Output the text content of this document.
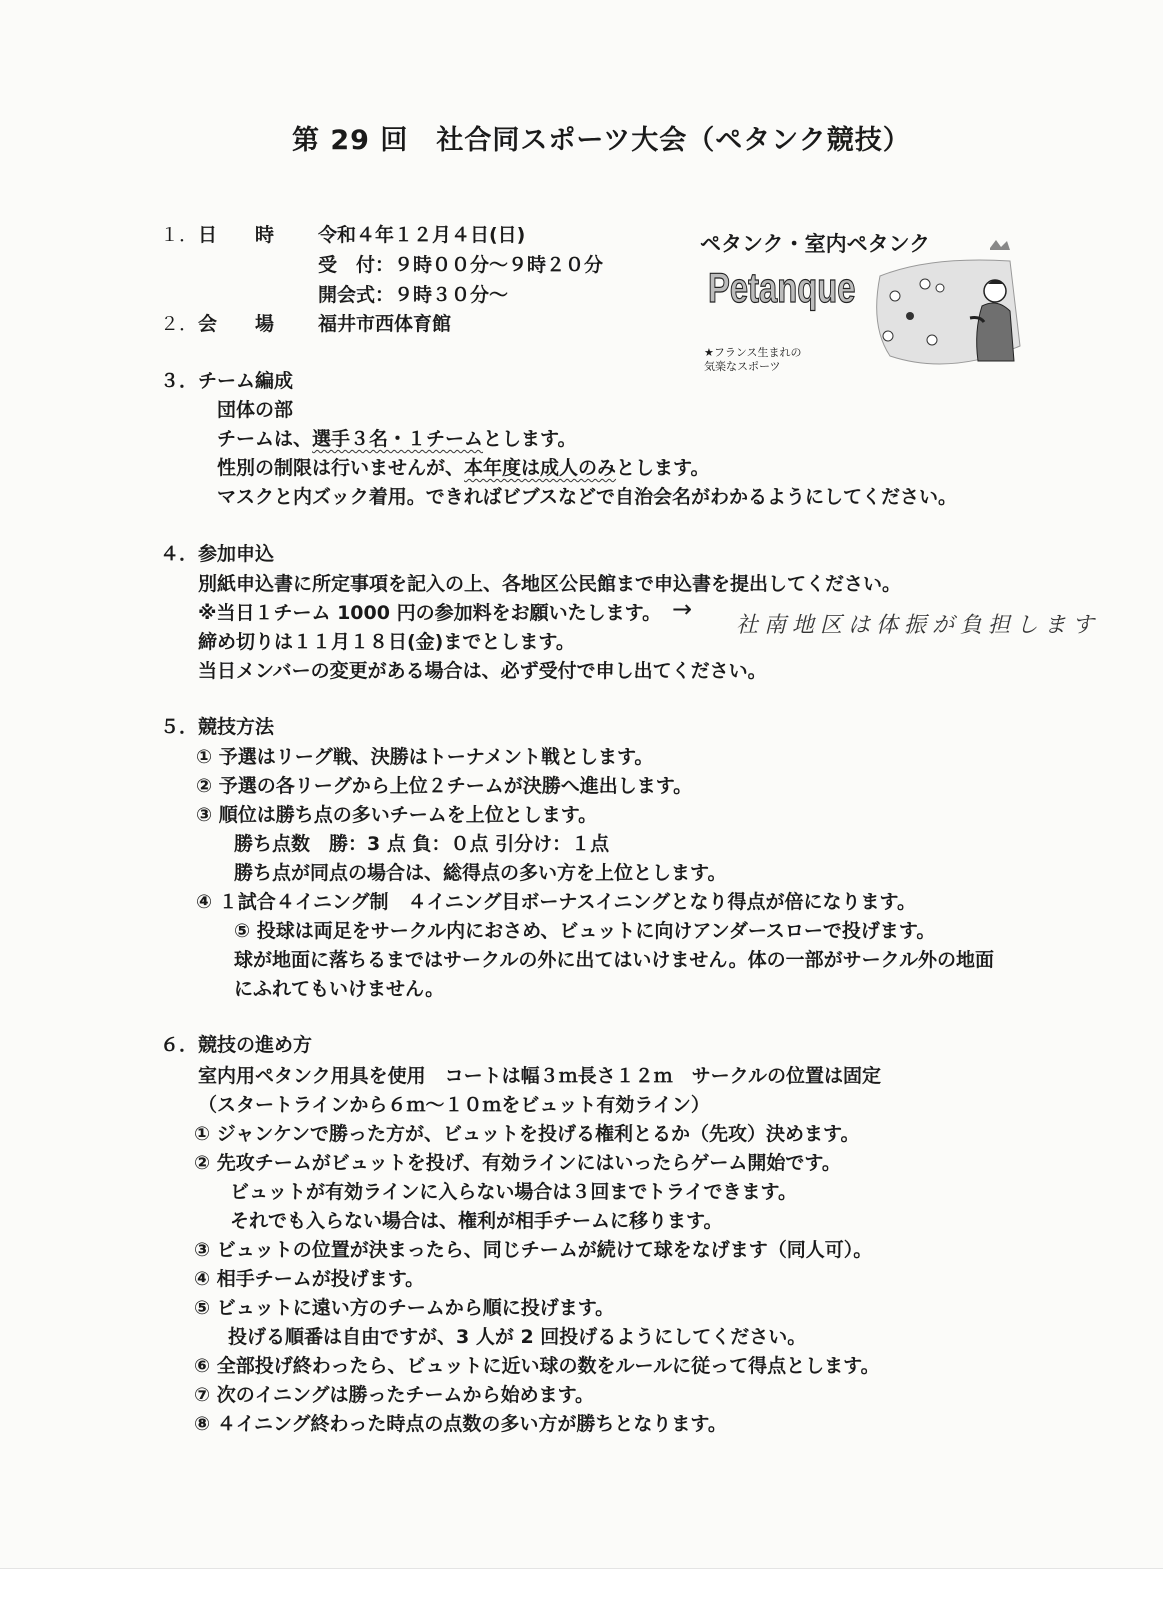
第 29 回　社合同スポーツ大会（ペタンク競技）
１． 日　　時 令和４年１２月４日(日)
受　付：９時００分～９時２０分
開会式：９時３０分～
２． 会　　場 福井市西体育館
ペタンク・室内ペタンク
Petanque
★フランス生まれの
気楽なスポーツ
３．チーム編成
団体の部
チームは、選手３名・１チームとします。
性別の制限は行いませんが、本年度は成人のみとします。
マスクと内ズック着用。できればビブスなどで自治会名がわかるようにしてください。
４．参加申込
別紙申込書に所定事項を記入の上、各地区公民館まで申込書を提出してください。
※当日１チーム 1000 円の参加料をお願いたします。 →
社南地区は体振が負担します
締め切りは１１月１８日(金)までとします。
当日メンバーの変更がある場合は、必ず受付で申し出てください。
５．競技方法
① 予選はリーグ戦、決勝はトーナメント戦とします。
② 予選の各リーグから上位２チームが決勝へ進出します。
③ 順位は勝ち点の多いチームを上位とします。
勝ち点数　勝：3 点 負：０点 引分け：１点
勝ち点が同点の場合は、総得点の多い方を上位とします。
④ １試合４イニング制　４イニング目ボーナスイニングとなり得点が倍になります。
⑤ 投球は両足をサークル内におさめ、ビュットに向けアンダースローで投げます。
球が地面に落ちるまではサークルの外に出てはいけません。体の一部がサークル外の地面
にふれてもいけません。
６．競技の進め方
室内用ペタンク用具を使用　コートは幅３ｍ長さ１２ｍ　サークルの位置は固定
（スタートラインから６ｍ～１０ｍをビュット有効ライン）
① ジャンケンで勝った方が、ビュットを投げる権利とるか（先攻）決めます。
② 先攻チームがビュットを投げ、有効ラインにはいったらゲーム開始です。
ビュットが有効ラインに入らない場合は３回までトライできます。
それでも入らない場合は、権利が相手チームに移ります。
③ ビュットの位置が決まったら、同じチームが続けて球をなげます（同人可）。
④ 相手チームが投げます。
⑤ ビュットに遠い方のチームから順に投げます。
投げる順番は自由ですが、3 人が 2 回投げるようにしてください。
⑥ 全部投げ終わったら、ビュットに近い球の数をルールに従って得点とします。
⑦ 次のイニングは勝ったチームから始めます。
⑧ ４イニング終わった時点の点数の多い方が勝ちとなります。
